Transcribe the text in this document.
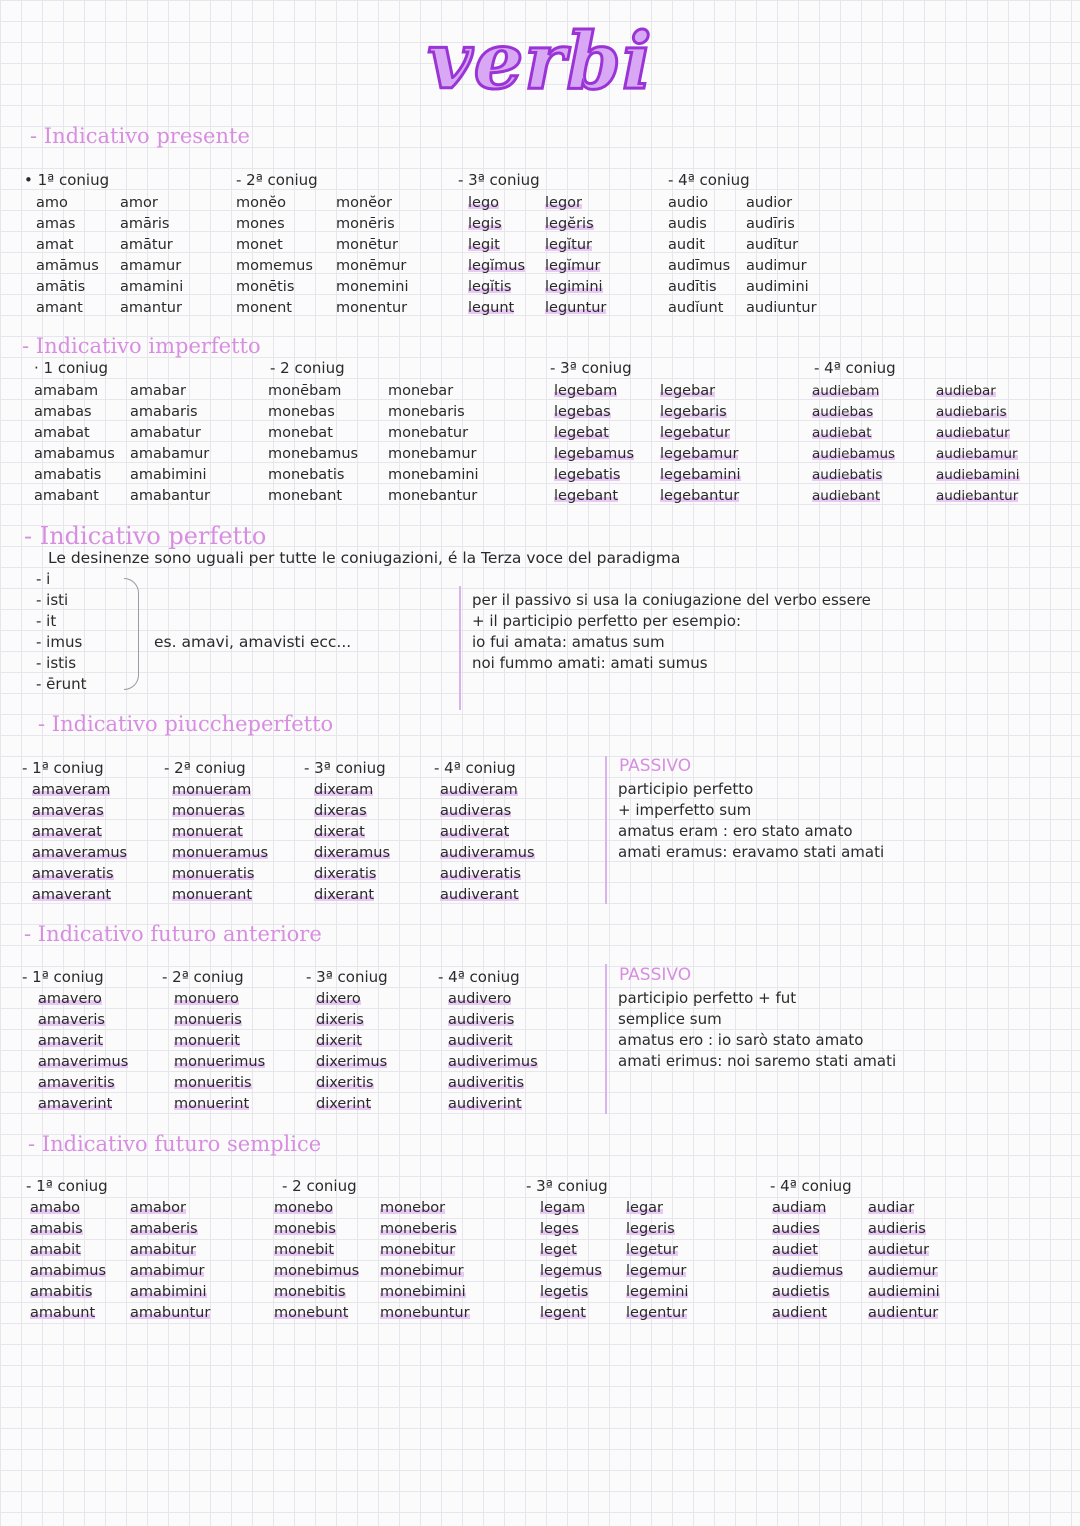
verbi
- Indicativo presente
• 1ª coniug
amo
amas
amat
amāmus
amātis
amant
amor
amāris
amātur
amamur
amamini
amantur
- 2ª coniug
monĕo
mones
monet
momemus
monētis
monent
monĕor
monēris
monētur
monēmur
monemini
monentur
- 3ª coniug
lego
legis
legit
legĭmus
legĭtis
legunt
legor
legĕris
legĭtur
legĭmur
legimini
leguntur
- 4ª coniug
audio
audis
audit
audīmus
audītis
audĭunt
audior
audīris
audītur
audimur
audimini
audiuntur
- Indicativo imperfetto
· 1 coniug
amabam
amabas
amabat
amabamus
amabatis
amabant
amabar
amabaris
amabatur
amabamur
amabimini
amabantur
- 2 coniug
monēbam
monebas
monebat
monebamus
monebatis
monebant
monebar
monebaris
monebatur
monebamur
monebamini
monebantur
- 3ª coniug
legebam
legebas
legebat
legebamus
legebatis
legebant
legebar
legebaris
legebatur
legebamur
legebamini
legebantur
- 4ª coniug
audiebam
audiebas
audiebat
audiebamus
audiebatis
audiebant
audiebar
audiebaris
audiebatur
audiebamur
audiebamini
audiebantur
- Indicativo perfetto
Le desinenze sono uguali per tutte le coniugazioni, é la Terza voce del paradigma
- i
- isti
- it
- imus
- istis
- ērunt
es. amavi, amavisti ecc...
per il passivo si usa la coniugazione del verbo essere
+ il participio perfetto per esempio:
io fui amata: amatus sum
noi fummo amati: amati sumus
- Indicativo piuccheperfetto
- 1ª coniug
amaveram
amaveras
amaverat
amaveramus
amaveratis
amaverant
- 2ª coniug
monueram
monueras
monuerat
monueramus
monueratis
monuerant
- 3ª coniug
dixeram
dixeras
dixerat
dixeramus
dixeratis
dixerant
- 4ª coniug
audiveram
audiveras
audiverat
audiveramus
audiveratis
audiverant
PASSIVO
participio perfetto
+ imperfetto sum
amatus eram : ero stato amato
amati eramus: eravamo stati amati
- Indicativo futuro anteriore
- 1ª coniug
amavero
amaveris
amaverit
amaverimus
amaveritis
amaverint
- 2ª coniug
monuero
monueris
monuerit
monuerimus
monueritis
monuerint
- 3ª coniug
dixero
dixeris
dixerit
dixerimus
dixeritis
dixerint
- 4ª coniug
audivero
audiveris
audiverit
audiverimus
audiveritis
audiverint
PASSIVO
participio perfetto + fut
semplice sum
amatus ero : io sarò stato amato
amati erimus: noi saremo stati amati
- Indicativo futuro semplice
- 1ª coniug
amabo
amabis
amabit
amabimus
amabitis
amabunt
amabor
amaberis
amabitur
amabimur
amabimini
amabuntur
- 2 coniug
monebo
monebis
monebit
monebimus
monebitis
monebunt
monebor
moneberis
monebitur
monebimur
monebimini
monebuntur
- 3ª coniug
legam
leges
leget
legemus
legetis
legent
legar
legeris
legetur
legemur
legemini
legentur
- 4ª coniug
audiam
audies
audiet
audiemus
audietis
audient
audiar
audieris
audietur
audiemur
audiemini
audientur
